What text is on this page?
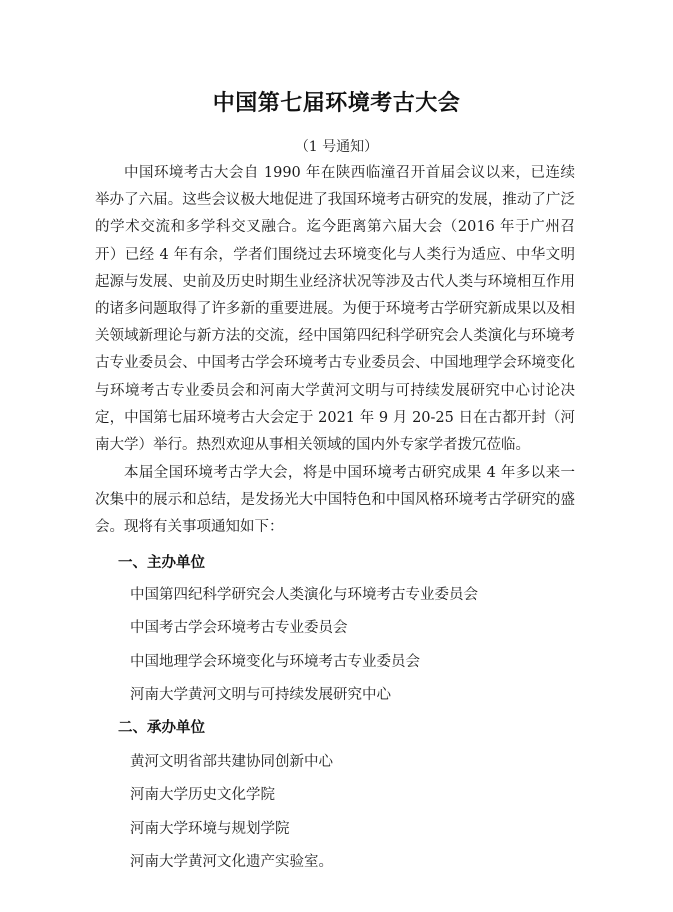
中国第七届环境考古大会
（1 号通知）
中国环境考古大会自 1990 年在陕西临潼召开首届会议以来，已连续举办了六届。这些会议极大地促进了我国环境考古研究的发展，推动了广泛的学术交流和多学科交叉融合。迄今距离第六届大会（2016 年于广州召开）已经 4 年有余，学者们围绕过去环境变化与人类行为适应、中华文明起源与发展、史前及历史时期生业经济状况等涉及古代人类与环境相互作用的诸多问题取得了许多新的重要进展。为便于环境考古学研究新成果以及相关领域新理论与新方法的交流，经中国第四纪科学研究会人类演化与环境考古专业委员会、中国考古学会环境考古专业委员会、中国地理学会环境变化与环境考古专业委员会和河南大学黄河文明与可持续发展研究中心讨论决定，中国第七届环境考古大会定于 2021 年 9 月 20-25 日在古都开封（河南大学）举行。热烈欢迎从事相关领域的国内外专家学者拨冗莅临。
本届全国环境考古学大会，将是中国环境考古研究成果 4 年多以来一次集中的展示和总结，是发扬光大中国特色和中国风格环境考古学研究的盛会。现将有关事项通知如下：
一、主办单位
中国第四纪科学研究会人类演化与环境考古专业委员会
中国考古学会环境考古专业委员会
中国地理学会环境变化与环境考古专业委员会
河南大学黄河文明与可持续发展研究中心
二、承办单位
黄河文明省部共建协同创新中心
河南大学历史文化学院
河南大学环境与规划学院
河南大学黄河文化遗产实验室。
